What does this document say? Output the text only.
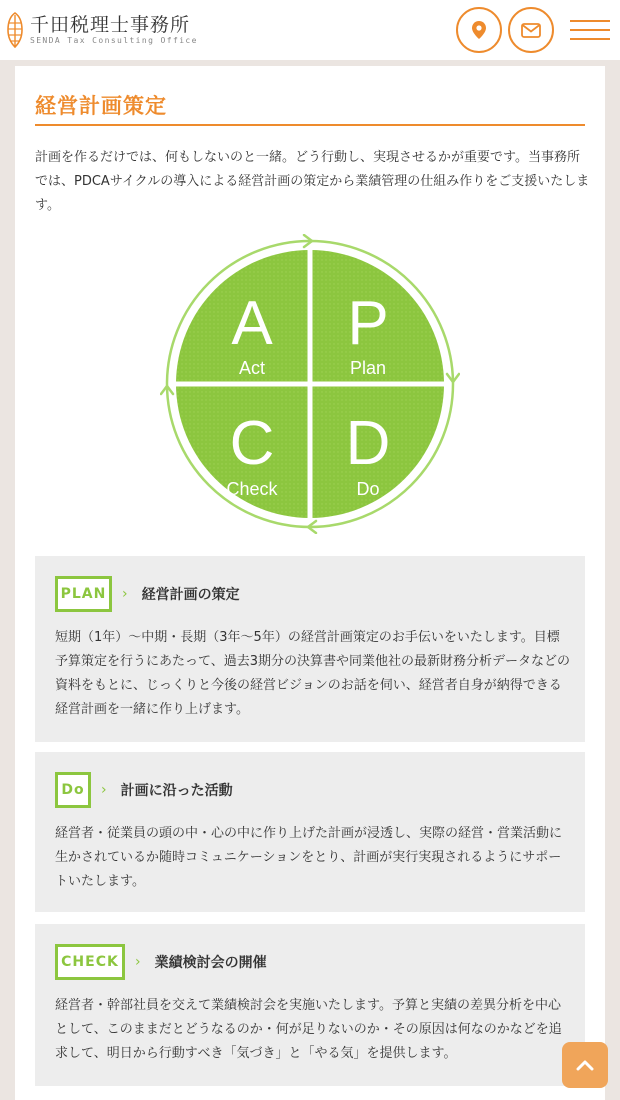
千田税理士事務所
SENDA Tax Consulting Office
経営計画策定

計画を作るだけでは、何もしないのと一緒。どう行動し、実現させるかが重要です。当事務所では、PDCAサイクルの導入による経営計画の策定から業績管理の仕組み作りをご支援いたします。

A
Act
P
Plan
C
Check
D
Do
PLAN	› 経営計画の策定

短期（1年）～中期・長期（3年～5年）の経営計画策定のお手伝いをいたします。目標予算策定を行うにあたって、過去3期分の決算書や同業他社の最新財務分析データなどの資料をもとに、じっくりと今後の経営ビジョンのお話を伺い、経営者自身が納得できる経営計画を一緒に作り上げます。

Do	› 計画に沿った活動

経営者・従業員の頭の中・心の中に作り上げた計画が浸透し、実際の経営・営業活動に生かされているか随時コミュニケーションをとり、計画が実行実現されるようにサポートいたします。

CHECK	› 業績検討会の開催

経営者・幹部社員を交えて業績検討会を実施いたします。予算と実績の差異分析を中心として、このままだとどうなるのか・何が足りないのか・その原因は何なのかなどを追求して、明日から行動すべき「気づき」と「やる気」を提供します。
